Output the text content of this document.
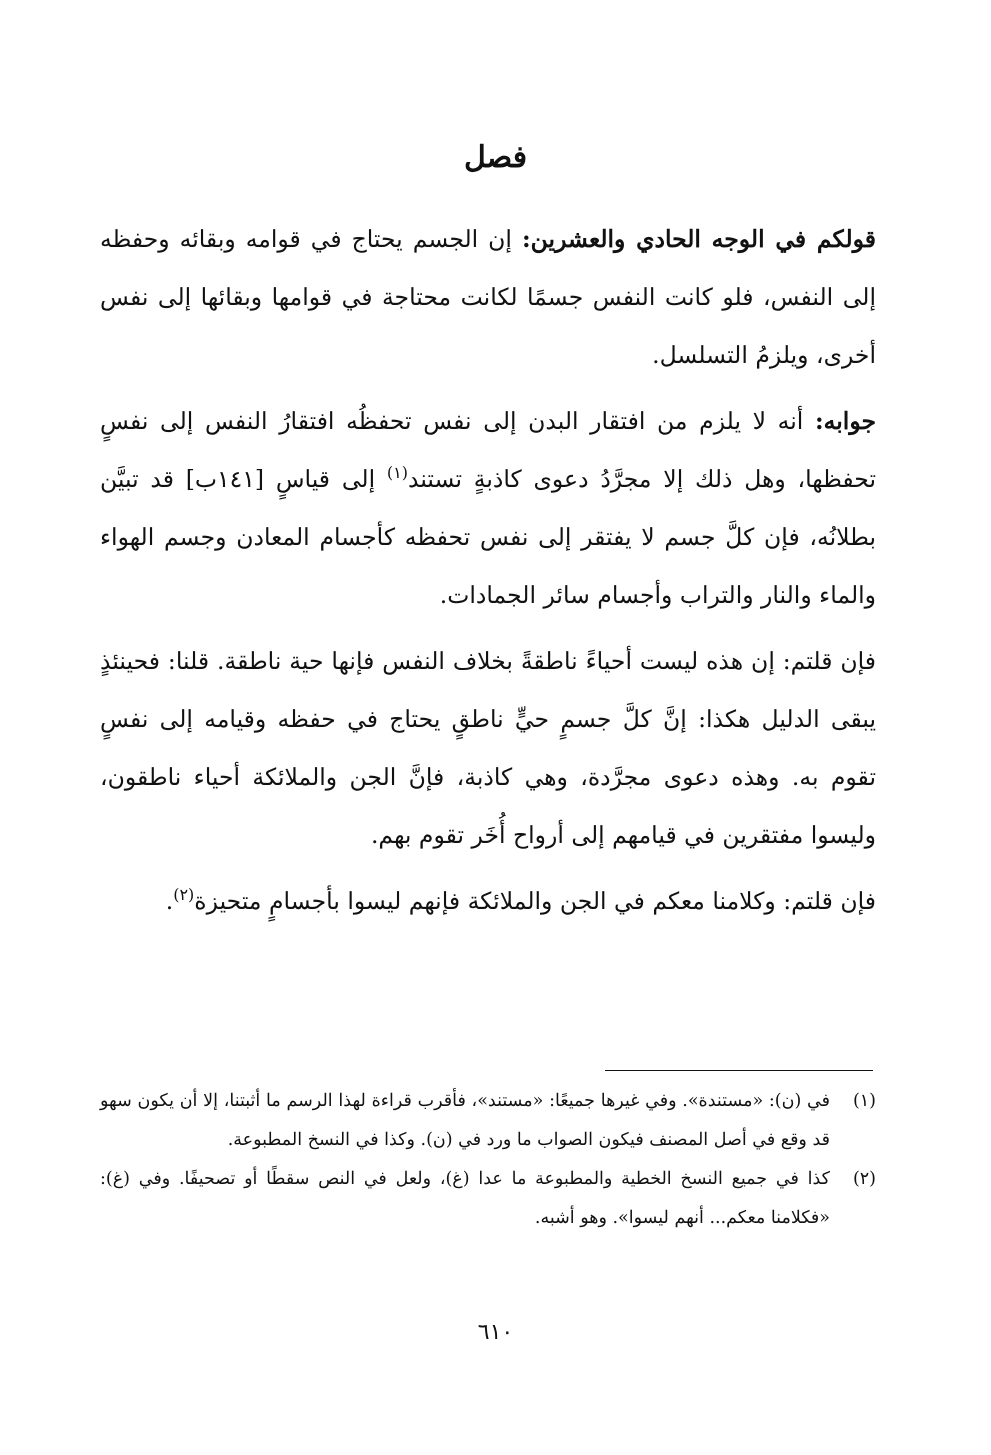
فصل

قولكم في الوجه الحادي والعشرين: إن الجسم يحتاج في قوامه وبقائه وحفظه إلى النفس، فلو كانت النفس جسمًا لكانت محتاجة في قوامها وبقائها إلى نفس أخرى، ويلزمُ التسلسل.

جوابه: أنه لا يلزم من افتقار البدن إلى نفس تحفظُه افتقارُ النفس إلى نفسٍ تحفظها، وهل ذلك إلا مجرَّدُ دعوى كاذبةٍ تستند$^{(١)}$ إلى قياسٍ [١٤١ب] قد تبيَّن بطلانُه، فإن كلَّ جسم لا يفتقر إلى نفس تحفظه كأجسام المعادن وجسم الهواء والماء والنار والتراب وأجسام سائر الجمادات.

فإن قلتم: إن هذه ليست أحياءً ناطقةً بخلاف النفس فإنها حية ناطقة. قلنا: فحينئذٍ يبقى الدليل هكذا: إنَّ كلَّ جسمٍ حيٍّ ناطقٍ يحتاج في حفظه وقيامه إلى نفسٍ تقوم به. وهذه دعوى مجرَّدة، وهي كاذبة، فإنَّ الجن والملائكة أحياء ناطقون، وليسوا مفتقرين في قيامهم إلى أرواح أُخَر تقوم بهم.

فإن قلتم: وكلامنا معكم في الجن والملائكة فإنهم ليسوا بأجسامٍ متحيزة$^{(٢)}$.

(١)
في (ن): «مستندة». وفي غيرها جميعًا: «مستند»، فأقرب قراءة لهذا الرسم ما أثبتنا، إلا أن يكون سهو قد وقع في أصل المصنف فيكون الصواب ما ورد في (ن). وكذا في النسخ المطبوعة.
(٢)
كذا في جميع النسخ الخطية والمطبوعة ما عدا (غ)، ولعل في النص سقطًا أو تصحيفًا. وفي (غ): «فكلامنا معكم... أنهم ليسوا». وهو أشبه.
٦١٠
